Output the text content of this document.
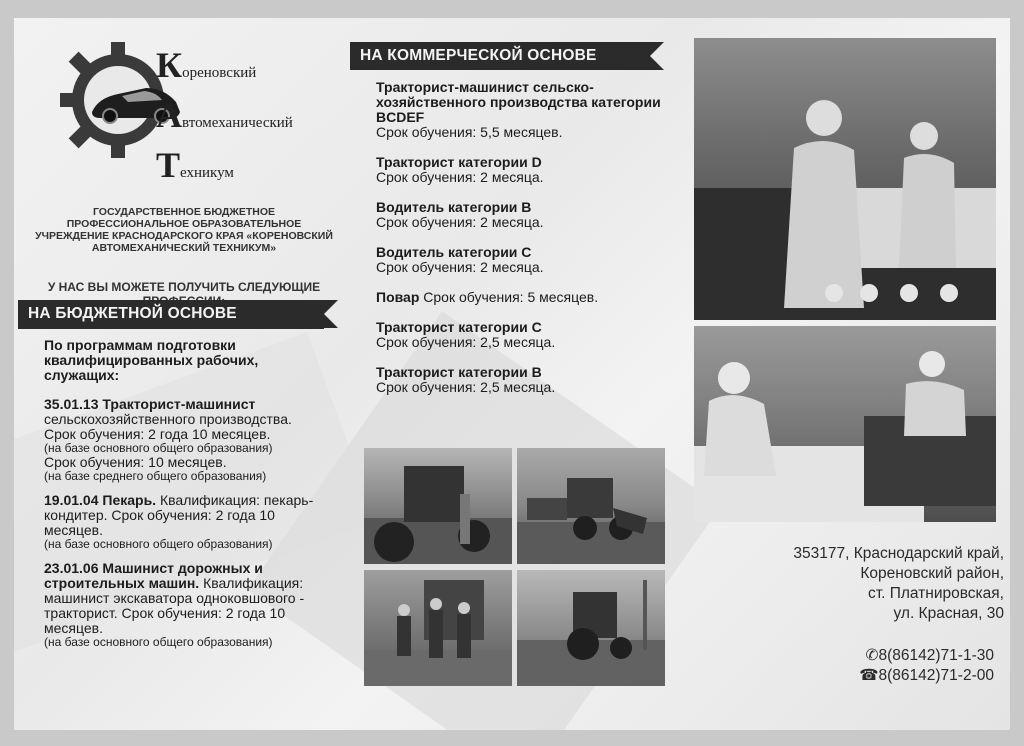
Кореновский
Автомеханический
Техникум
ГОСУДАРСТВЕННОЕ БЮДЖЕТНОЕ ПРОФЕССИОНАЛЬНОЕ ОБРАЗОВАТЕЛЬНОЕ УЧРЕЖДЕНИЕ КРАСНОДАРСКОГО КРАЯ «КОРЕНОВСКИЙ АВТОМЕХАНИЧЕСКИЙ ТЕХНИКУМ»
У НАС ВЫ МОЖЕТЕ ПОЛУЧИТЬ СЛЕДУЮЩИЕ
НА БЮДЖЕТНОЙ ОСНОВЕ
По программам подготовки квалифицированных рабочих, служащих:
35.01.13 Тракторист-машинист
сельскохозяйственного производства.
Срок обучения: 2 года 10 месяцев.
(на базе основного общего образования)
Срок обучения: 10 месяцев.
(на базе среднего общего образования)
19.01.04 Пекарь. Квалификация: пекарь-кондитер. Срок обучения: 2 года 10 месяцев.
(на базе основного общего образования)
23.01.06 Машинист дорожных и строительных машин. Квалификация: машинист экскаватора одноковшового - тракторист. Срок обучения: 2 года 10 месяцев.
(на базе основного общего образования)
НА КОММЕРЧЕСКОЙ ОСНОВЕ
Тракторист-машинист сельско-хозяйственного производства категории BCDEF
Срок обучения: 5,5 месяцев.
Тракторист категории D
Срок обучения: 2 месяца.
Водитель категории В
Срок обучения: 2 месяца.
Водитель категории С
Срок обучения: 2 месяца.
Повар Срок обучения: 5 месяцев.
Тракторист категории С
Срок обучения: 2,5 месяца.
Тракторист категории В
Срок обучения: 2,5 месяца.
353177, Краснодарский край,
Кореновский район,
ст. Платнировская,
ул. Красная, 30
✆8(86142)71-1-30
☎8(86142)71-2-00
